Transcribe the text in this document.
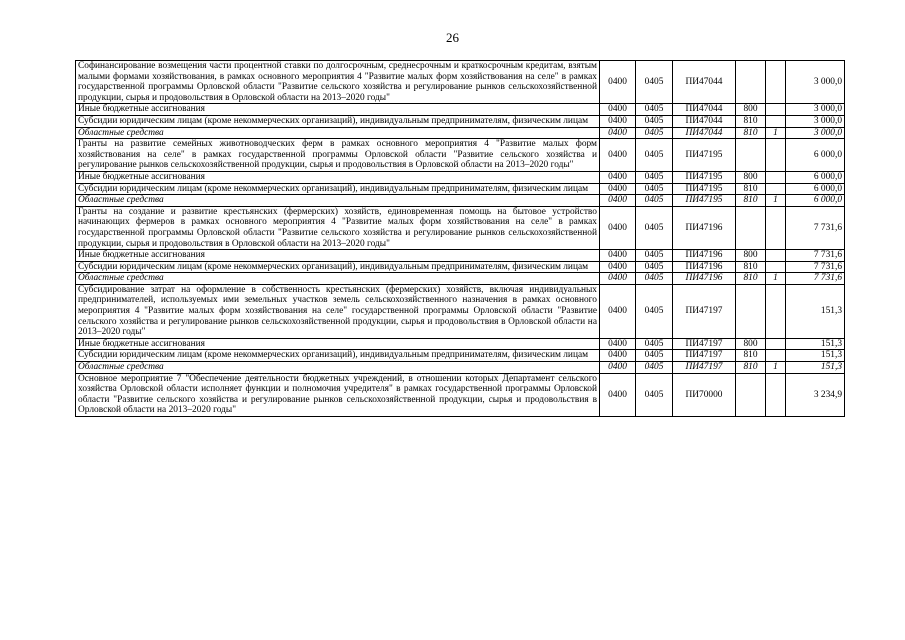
26
Софинансирование возмещения части процентной ставки по долгосрочным, среднесрочным и краткосрочным кредитам, взятым малыми формами хозяйствования, в рамках основного мероприятия 4 "Развитие малых форм хозяйствования на селе" в рамках государственной программы Орловской области "Развитие сельского хозяйства и регулирование рынков сельскохозяйственной продукции, сырья и продовольствия в Орловской области на 2013–2020 годы"	0400	0405	ПИ47044			3 000,0
Иные бюджетные ассигнования	0400	0405	ПИ47044	800		3 000,0
Субсидии юридическим лицам (кроме некоммерческих организаций), индивидуальным предпринимателям, физическим лицам	0400	0405	ПИ47044	810		3 000,0
Областные средства	0400	0405	ПИ47044	810	1	3 000,0
Гранты на развитие семейных животноводческих ферм в рамках основного мероприятия 4 "Развитие малых форм хозяйствования на селе" в рамках государственной программы Орловской области "Развитие сельского хозяйства и регулирование рынков сельскохозяйственной продукции, сырья и продовольствия в Орловской области на 2013–2020 годы"	0400	0405	ПИ47195			6 000,0
Иные бюджетные ассигнования	0400	0405	ПИ47195	800		6 000,0
Субсидии юридическим лицам (кроме некоммерческих организаций), индивидуальным предпринимателям, физическим лицам	0400	0405	ПИ47195	810		6 000,0
Областные средства	0400	0405	ПИ47195	810	1	6 000,0
Гранты на создание и развитие крестьянских (фермерских) хозяйств, единовременная помощь на бытовое устройство начинающих фермеров в рамках основного мероприятия 4 "Развитие малых форм хозяйствования на селе" в рамках государственной программы Орловской области "Развитие сельского хозяйства и регулирование рынков сельскохозяйственной продукции, сырья и продовольствия в Орловской области на 2013–2020 годы"	0400	0405	ПИ47196			7 731,6
Иные бюджетные ассигнования	0400	0405	ПИ47196	800		7 731,6
Субсидии юридическим лицам (кроме некоммерческих организаций), индивидуальным предпринимателям, физическим лицам	0400	0405	ПИ47196	810		7 731,6
Областные средства	0400	0405	ПИ47196	810	1	7 731,6
Субсидирование затрат на оформление в собственность крестьянских (фермерских) хозяйств, включая индивидуальных предпринимателей, используемых ими земельных участков земель сельскохозяйственного назначения в рамках основного мероприятия 4 "Развитие малых форм хозяйствования на селе" государственной программы Орловской области "Развитие сельского хозяйства и регулирование рынков сельскохозяйственной продукции, сырья и продовольствия в Орловской области на 2013–2020 годы"	0400	0405	ПИ47197			151,3
Иные бюджетные ассигнования	0400	0405	ПИ47197	800		151,3
Субсидии юридическим лицам (кроме некоммерческих организаций), индивидуальным предпринимателям, физическим лицам	0400	0405	ПИ47197	810		151,3
Областные средства	0400	0405	ПИ47197	810	1	151,3
Основное мероприятие 7 "Обеспечение деятельности бюджетных учреждений, в отношении которых Департамент сельского хозяйства Орловской области исполняет функции и полномочия учредителя" в рамках государственной программы Орловской области "Развитие сельского хозяйства и регулирование рынков сельскохозяйственной продукции, сырья и продовольствия в Орловской области на 2013–2020 годы"	0400	0405	ПИ70000			3 234,9
